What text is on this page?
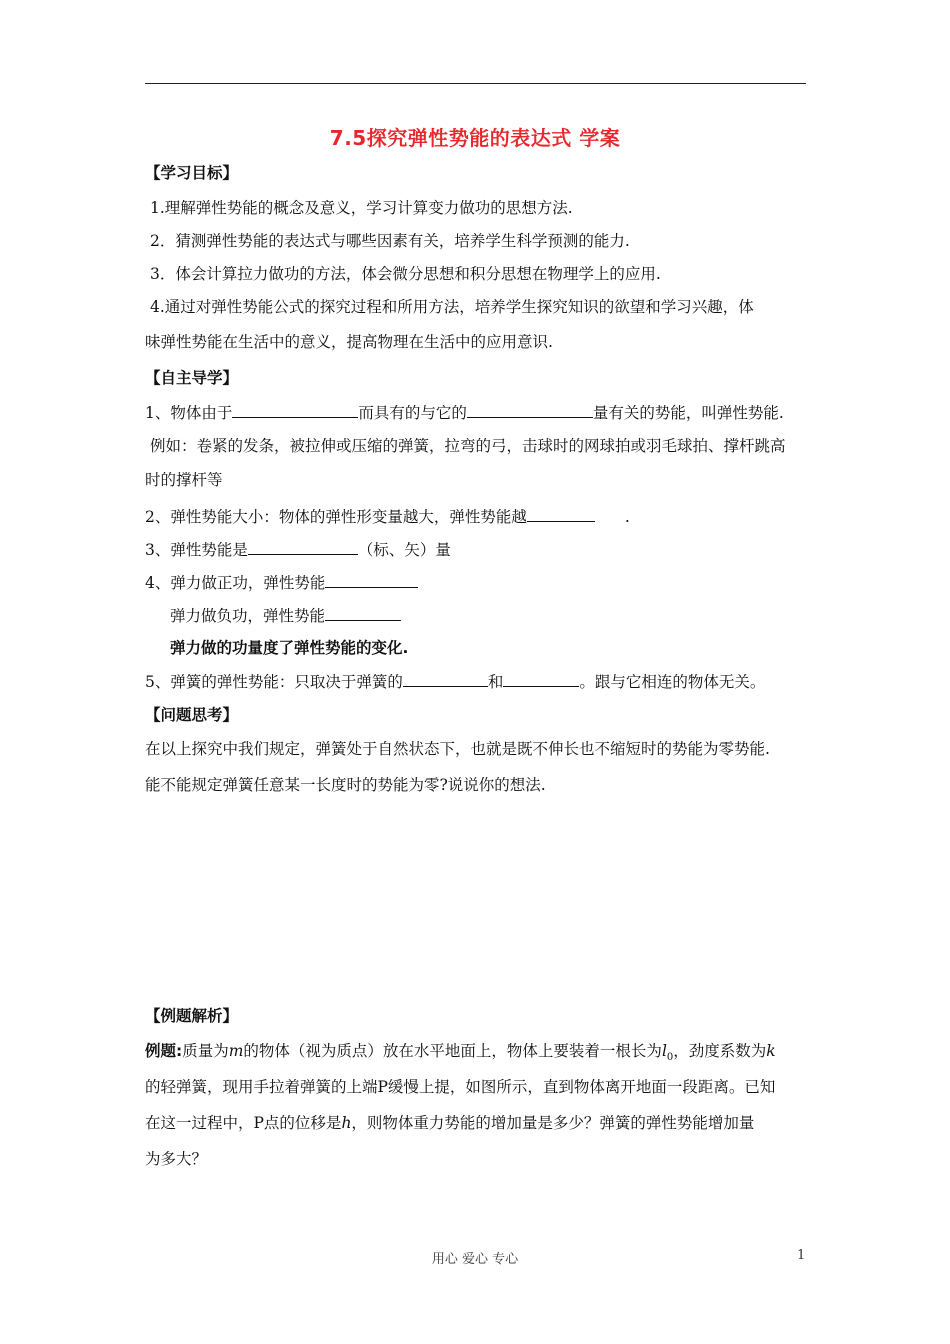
7.5探究弹性势能的表达式 学案
【学习目标】
1.理解弹性势能的概念及意义，学习计算变力做功的思想方法.
2．猜测弹性势能的表达式与哪些因素有关，培养学生科学预测的能力.
3．体会计算拉力做功的方法，体会微分思想和积分思想在物理学上的应用.
4.通过对弹性势能公式的探究过程和所用方法，培养学生探究知识的欲望和学习兴趣，体
味弹性势能在生活中的意义，提高物理在生活中的应用意识.
【自主导学】
1、物体由于	而具有的与它的	量有关的势能，叫弹性势能.
例如：卷紧的发条，被拉伸或压缩的弹簧，拉弯的弓，击球时的网球拍或羽毛球拍、撑杆跳高
时的撑杆等
2、弹性势能大小：物体的弹性形变量越大，弹性势能越	.
3、弹性势能是	（标、矢）量
4、弹力做正功，弹性势能
弹力做负功，弹性势能
弹力做的功量度了弹性势能的变化.
5、弹簧的弹性势能：只取决于弹簧的	和	。跟与它相连的物体无关。
【问题思考】
在以上探究中我们规定，弹簧处于自然状态下，也就是既不伸长也不缩短时的势能为零势能.
能不能规定弹簧任意某一长度时的势能为零?说说你的想法.
【例题解析】
例题:质量为m的物体（视为质点）放在水平地面上，物体上要装着一根长为$l_0$，劲度系数为k
的轻弹簧，现用手拉着弹簧的上端P缓慢上提，如图所示，直到物体离开地面一段距离。已知
在这一过程中，P点的位移是h，则物体重力势能的增加量是多少？弹簧的弹性势能增加量
为多大？
用心 爱心 专心	1
